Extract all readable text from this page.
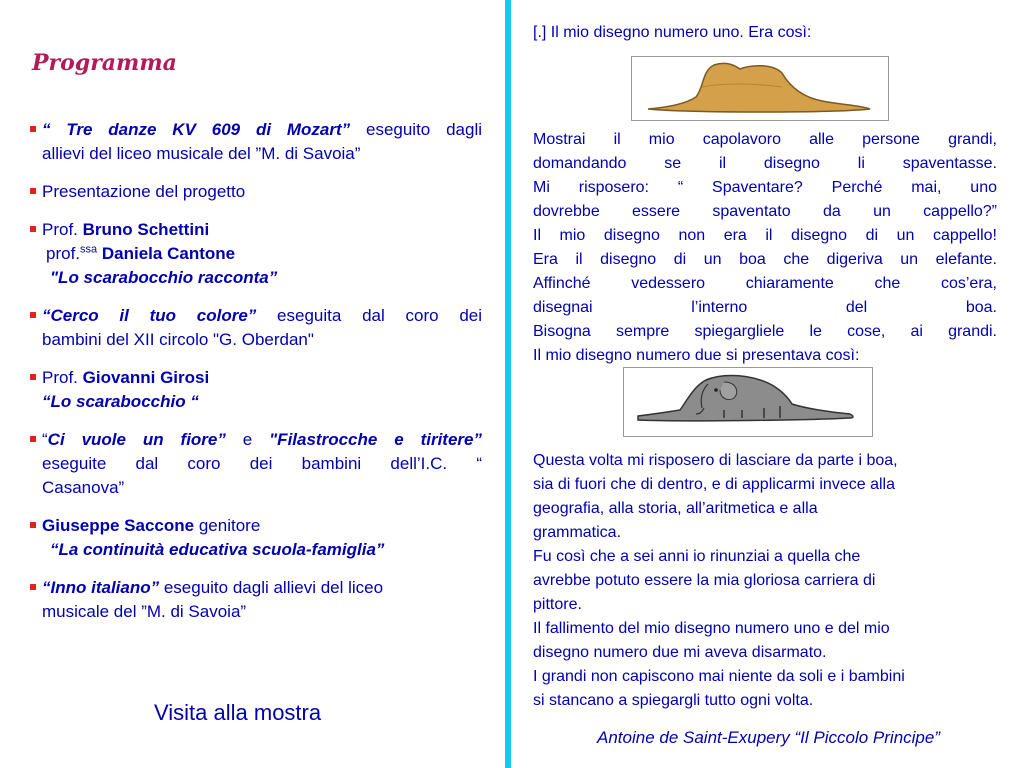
Programma
“ Tre danze KV 609 di Mozart” eseguito dagli
allievi del liceo musicale del ”M. di Savoia”
Presentazione del progetto
Prof. Bruno Schettini
prof.$^{ssa}$ Daniela Cantone
"Lo scarabocchio racconta”
“Cerco il tuo colore” eseguita dal coro dei
bambini del XII circolo "G. Oberdan"
Prof. Giovanni Girosi
“Lo scarabocchio “
“Ci vuole un fiore” e "Filastrocche e tiritere”
eseguite dal coro dei bambini dell’I.C. “
Casanova”
Giuseppe Saccone genitore
“La continuità educativa scuola-famiglia”
“Inno italiano” eseguito dagli allievi del liceo
musicale del ”M. di Savoia”
Visita alla mostra
[.] Il mio disegno numero uno. Era così:
Mostrai il mio capolavoro alle persone grandi,
domandando se il disegno li spaventasse.
Mi risposero: “ Spaventare? Perché mai, uno
dovrebbe essere spaventato da un cappello?”
Il mio disegno non era il disegno di un cappello!
Era il disegno di un boa che digeriva un elefante.
Affinché vedessero chiaramente che cos’era,
disegnai l’interno del boa.
Bisogna sempre spiegargliele le cose, ai grandi.
Il mio disegno numero due si presentava così:
Questa volta mi risposero di lasciare da parte i boa,
sia di fuori che di dentro, e di applicarmi invece alla
geografia, alla storia, all’aritmetica e alla
grammatica.
Fu così che a sei anni io rinunziai a quella che
avrebbe potuto essere la mia gloriosa carriera di
pittore.
Il fallimento del mio disegno numero uno e del mio
disegno numero due mi aveva disarmato.
I grandi non capiscono mai niente da soli e i bambini
si stancano a spiegargli tutto ogni volta.
Antoine de Saint-Exupery “Il Piccolo Principe”
